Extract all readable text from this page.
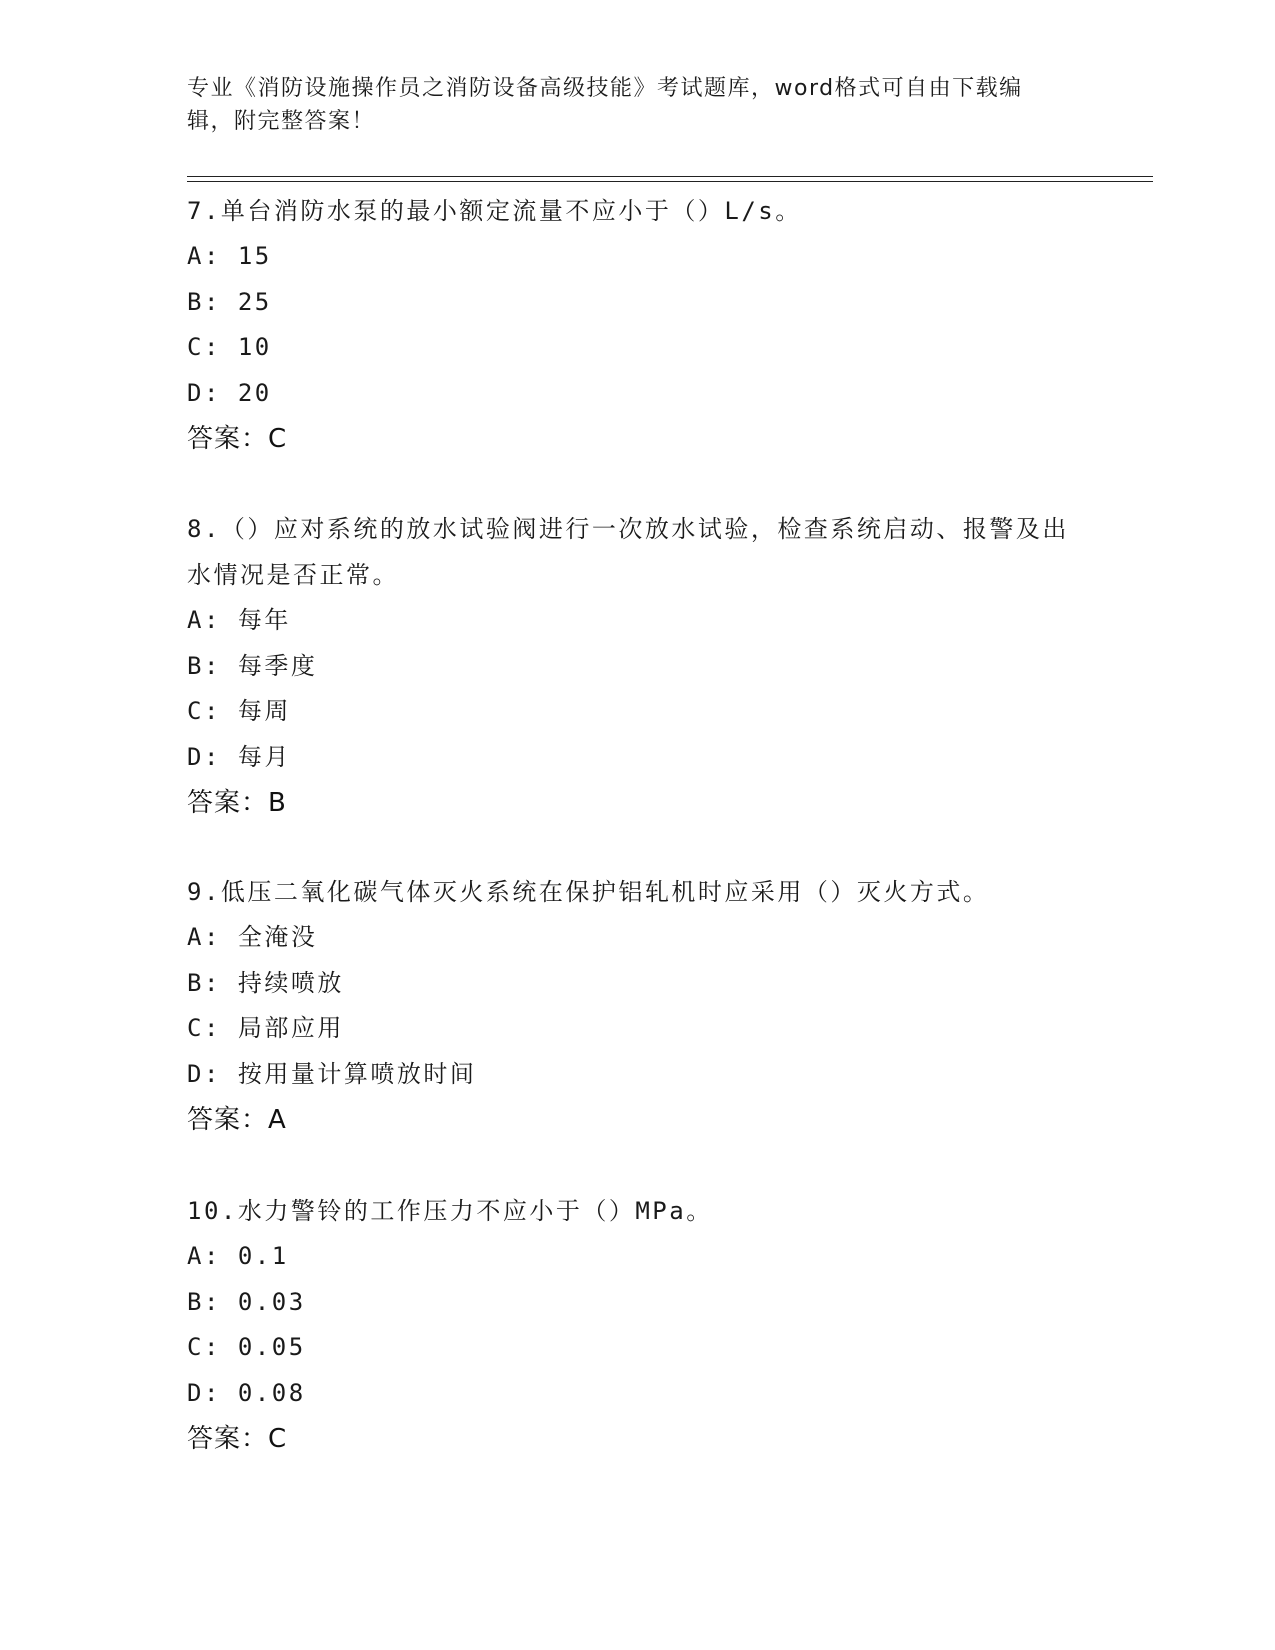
专业《消防设施操作员之消防设备高级技能》考试题库，word格式可自由下载编辑，附完整答案！
7.单台消防水泵的最小额定流量不应小于（）L/s。
A: 15
B: 25
C: 10
D: 20
答案：C
8.（）应对系统的放水试验阀进行一次放水试验，检查系统启动、报警及出水情况是否正常。
A: 每年
B: 每季度
C: 每周
D: 每月
答案：B
9.低压二氧化碳气体灭火系统在保护铝轧机时应采用（）灭火方式。
A: 全淹没
B: 持续喷放
C: 局部应用
D: 按用量计算喷放时间
答案：A
10.水力警铃的工作压力不应小于（）MPa。
A: 0.1
B: 0.03
C: 0.05
D: 0.08
答案：C
